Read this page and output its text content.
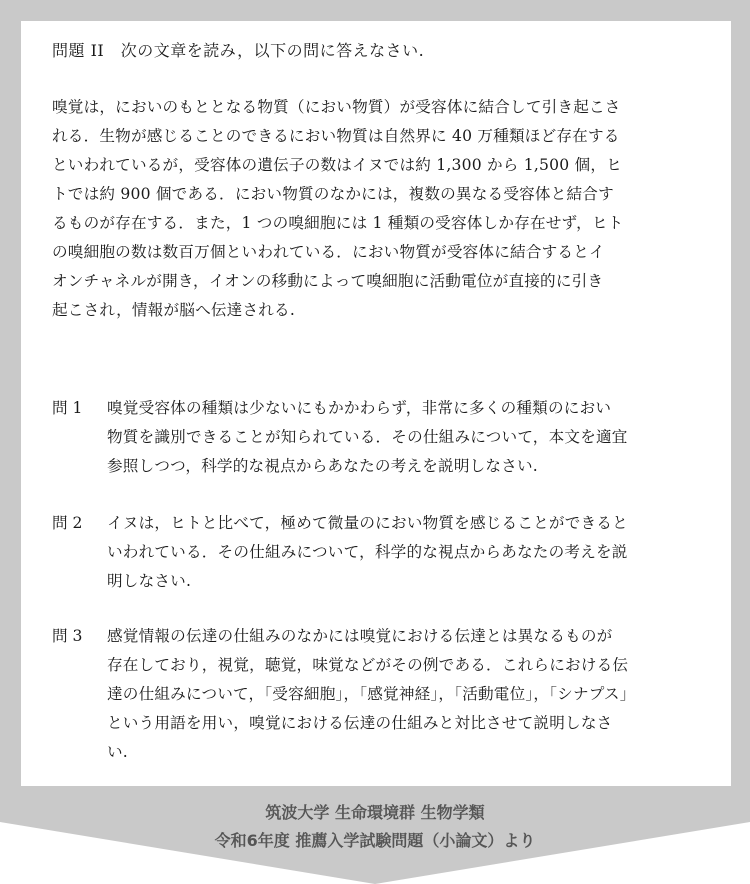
問題 II　次の文章を読み，以下の問に答えなさい.
嗅覚は，においのもととなる物質（におい物質）が受容体に結合して引き起こさ
れる．生物が感じることのできるにおい物質は自然界に 40 万種類ほど存在する
といわれているが，受容体の遺伝子の数はイヌでは約 1,300 から 1,500 個，ヒ
トでは約 900 個である．におい物質のなかには，複数の異なる受容体と結合す
るものが存在する．また，1 つの嗅細胞には 1 種類の受容体しか存在せず，ヒト
の嗅細胞の数は数百万個といわれている．におい物質が受容体に結合するとイ
オンチャネルが開き，イオンの移動によって嗅細胞に活動電位が直接的に引き
起こされ，情報が脳へ伝達される.
問 1 嗅覚受容体の種類は少ないにもかかわらず，非常に多くの種類のにおい
物質を識別できることが知られている．その仕組みについて，本文を適宜
参照しつつ，科学的な視点からあなたの考えを説明しなさい.
問 2 イヌは，ヒトと比べて，極めて微量のにおい物質を感じることができると
いわれている．その仕組みについて，科学的な視点からあなたの考えを説
明しなさい.
問 3 感覚情報の伝達の仕組みのなかには嗅覚における伝達とは異なるものが
存在しており，視覚，聴覚，味覚などがその例である．これらにおける伝
達の仕組みについて，「受容細胞」，「感覚神経」，「活動電位」，「シナプス」
という用語を用い，嗅覚における伝達の仕組みと対比させて説明しなさ
い.
筑波大学 生命環境群 生物学類
令和6年度 推薦入学試験問題（小論文）より
